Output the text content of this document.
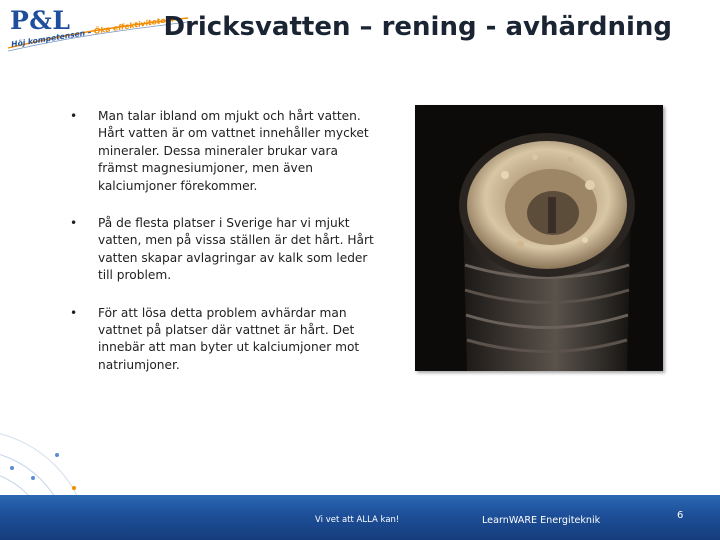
P&L
Höj kompetensen – Öka effektiviteten!
Dricksvatten – rening - avhärdning
• Man talar ibland om mjukt och hårt vatten. Hårt vatten är om vattnet innehåller mycket mineraler. Dessa mineraler brukar vara främst magnesiumjoner, men även kalciumjoner förekommer.
• På de flesta platser i Sverige har vi mjukt vatten, men på vissa ställen är det hårt. Hårt vatten skapar avlagringar av kalk som leder till problem.
• För att lösa detta problem avhärdar man vattnet på platser där vattnet är hårt. Det innebär att man byter ut kalciumjoner mot natriumjoner.
Vi vet att ALLA kan!	LearnWARE Energiteknik	6
